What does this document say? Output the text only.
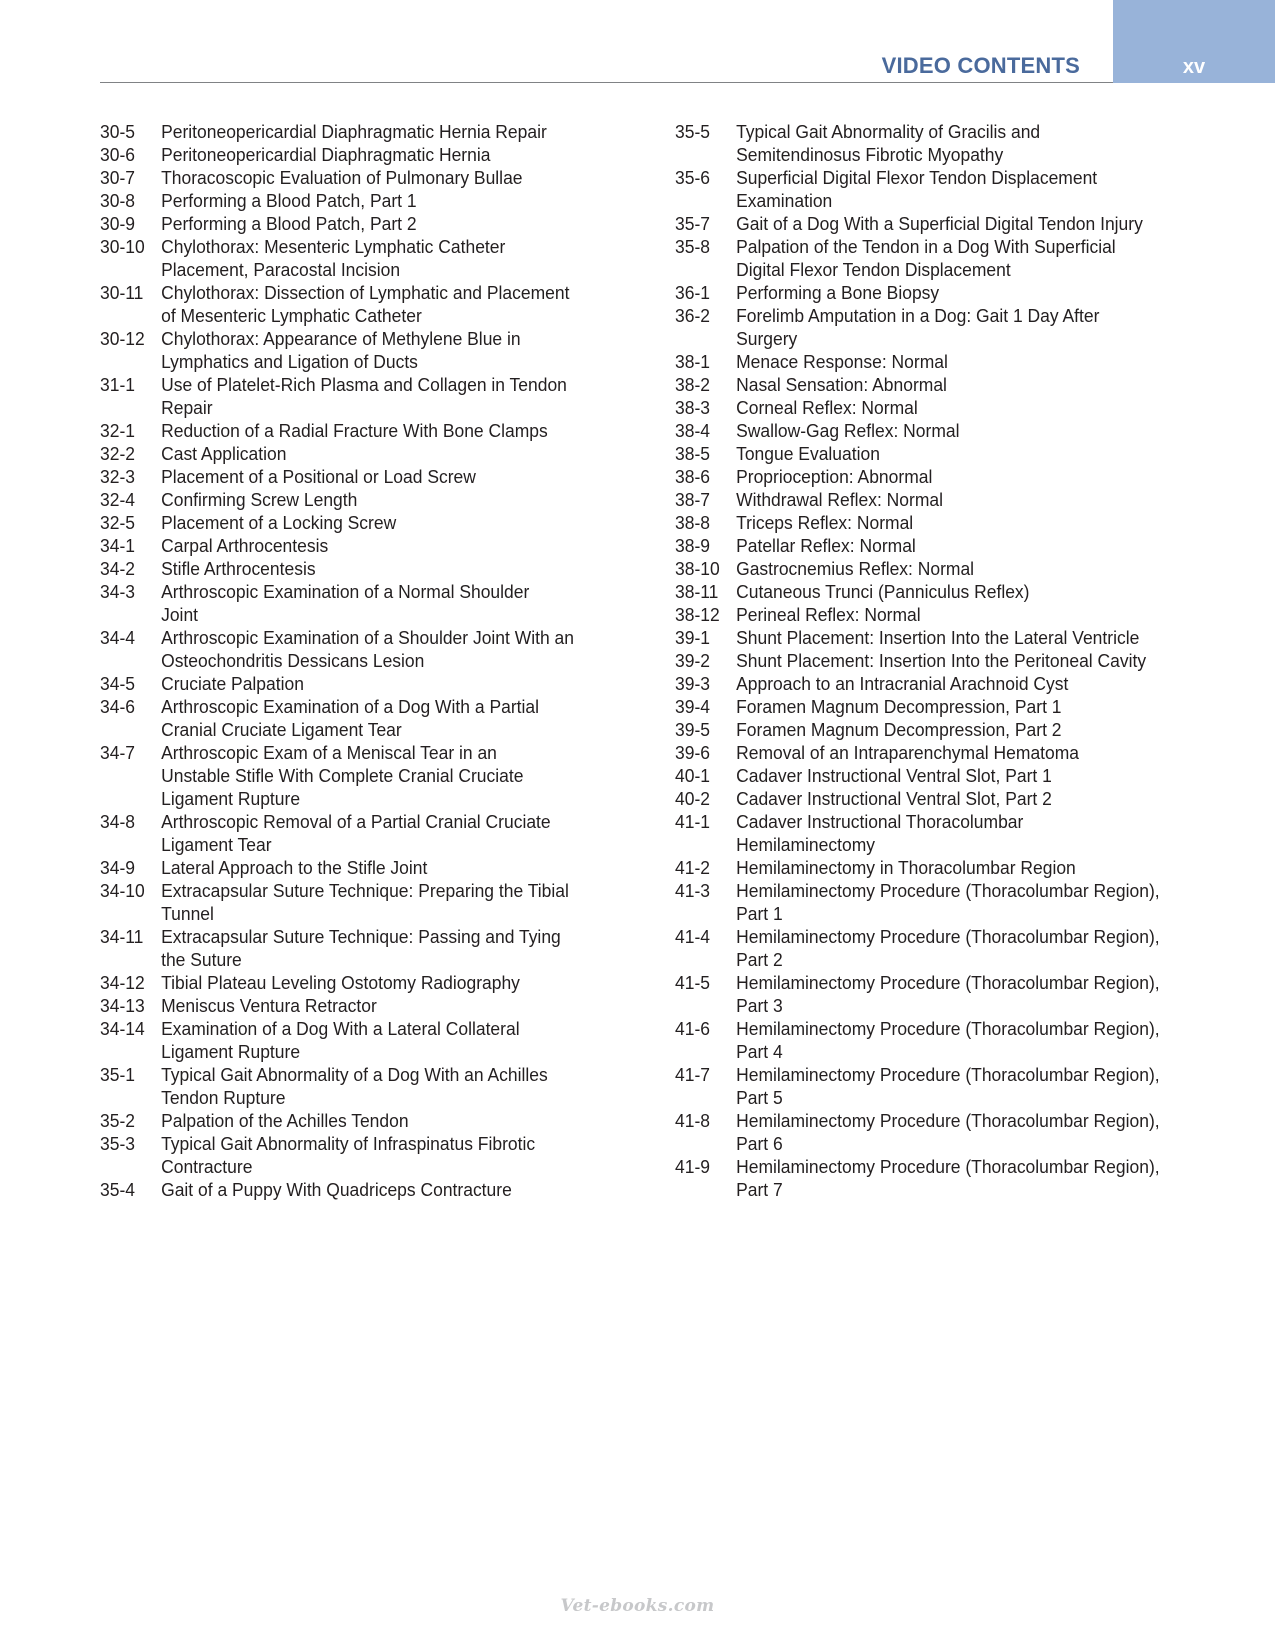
xv
VIDEO CONTENTS
30-5	Peritoneopericardial Diaphragmatic Hernia Repair
30-6	Peritoneopericardial Diaphragmatic Hernia
30-7	Thoracoscopic Evaluation of Pulmonary Bullae
30-8	Performing a Blood Patch, Part 1
30-9	Performing a Blood Patch, Part 2
30-10 Chylothorax: Mesenteric Lymphatic Catheter
Placement, Paracostal Incision
30-11 Chylothorax: Dissection of Lymphatic and Placement
of Mesenteric Lymphatic Catheter
30-12 Chylothorax: Appearance of Methylene Blue in
Lymphatics and Ligation of Ducts
31-1	Use of Platelet-Rich Plasma and Collagen in Tendon
Repair
32-1	Reduction of a Radial Fracture With Bone Clamps
32-2	Cast Application
32-3	Placement of a Positional or Load Screw
32-4	Confirming Screw Length
32-5	Placement of a Locking Screw
34-1	Carpal Arthrocentesis
34-2	Stifle Arthrocentesis
34-3	Arthroscopic Examination of a Normal Shoulder
Joint
34-4	Arthroscopic Examination of a Shoulder Joint With an
Osteochondritis Dessicans Lesion
34-5	Cruciate Palpation
34-6	Arthroscopic Examination of a Dog With a Partial
Cranial Cruciate Ligament Tear
34-7	Arthroscopic Exam of a Meniscal Tear in an
Unstable Stifle With Complete Cranial Cruciate
Ligament Rupture
34-8	Arthroscopic Removal of a Partial Cranial Cruciate
Ligament Tear
34-9	Lateral Approach to the Stifle Joint
34-10 Extracapsular Suture Technique: Preparing the Tibial
Tunnel
34-11 Extracapsular Suture Technique: Passing and Tying
the Suture
34-12 Tibial Plateau Leveling Ostotomy Radiography
34-13 Meniscus Ventura Retractor
34-14 Examination of a Dog With a Lateral Collateral
Ligament Rupture
35-1	Typical Gait Abnormality of a Dog With an Achilles
Tendon Rupture
35-2	Palpation of the Achilles Tendon
35-3	Typical Gait Abnormality of Infraspinatus Fibrotic
Contracture
35-4	Gait of a Puppy With Quadriceps Contracture
35-5	Typical Gait Abnormality of Gracilis and
Semitendinosus Fibrotic Myopathy
35-6	Superficial Digital Flexor Tendon Displacement
Examination
35-7	Gait of a Dog With a Superficial Digital Tendon Injury
35-8	Palpation of the Tendon in a Dog With Superficial
Digital Flexor Tendon Displacement
36-1	Performing a Bone Biopsy
36-2	Forelimb Amputation in a Dog: Gait 1 Day After
Surgery
38-1	Menace Response: Normal
38-2	Nasal Sensation: Abnormal
38-3	Corneal Reflex: Normal
38-4	Swallow-Gag Reflex: Normal
38-5	Tongue Evaluation
38-6	Proprioception: Abnormal
38-7	Withdrawal Reflex: Normal
38-8	Triceps Reflex: Normal
38-9	Patellar Reflex: Normal
38-10 Gastrocnemius Reflex: Normal
38-11 Cutaneous Trunci (Panniculus Reflex)
38-12 Perineal Reflex: Normal
39-1	Shunt Placement: Insertion Into the Lateral Ventricle
39-2	Shunt Placement: Insertion Into the Peritoneal Cavity
39-3	Approach to an Intracranial Arachnoid Cyst
39-4	Foramen Magnum Decompression, Part 1
39-5	Foramen Magnum Decompression, Part 2
39-6	Removal of an Intraparenchymal Hematoma
40-1	Cadaver Instructional Ventral Slot, Part 1
40-2	Cadaver Instructional Ventral Slot, Part 2
41-1	Cadaver Instructional Thoracolumbar
Hemilaminectomy
41-2	Hemilaminectomy in Thoracolumbar Region
41-3	Hemilaminectomy Procedure (Thoracolumbar Region),
Part 1
41-4	Hemilaminectomy Procedure (Thoracolumbar Region),
Part 2
41-5	Hemilaminectomy Procedure (Thoracolumbar Region),
Part 3
41-6	Hemilaminectomy Procedure (Thoracolumbar Region),
Part 4
41-7	Hemilaminectomy Procedure (Thoracolumbar Region),
Part 5
41-8	Hemilaminectomy Procedure (Thoracolumbar Region),
Part 6
41-9	Hemilaminectomy Procedure (Thoracolumbar Region),
Part 7
Vet-ebooks.com
